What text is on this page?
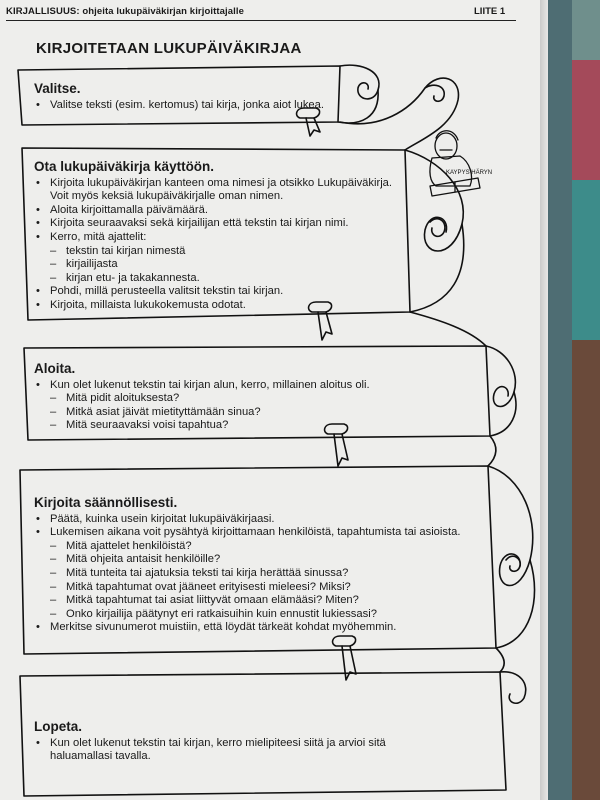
KIRJALLISUUS: ohjeita lukupäiväkirjan kirjoittajalle	LIITE 1
KIRJOITETAAN LUKUPÄIVÄKIRJAA
KAYPYS HÄRYN
Valitse.
• Valitse teksti (esim. kertomus) tai kirja, jonka aiot lukea.
Ota lukupäiväkirja käyttöön.
• Kirjoita lukupäiväkirjan kanteen oma nimesi ja otsikko Lukupäiväkirja.
Voit myös keksiä lukupäiväkirjalle oman nimen.
• Aloita kirjoittamalla päivämäärä.
• Kirjoita seuraavaksi sekä kirjailijan että tekstin tai kirjan nimi.
• Kerro, mitä ajattelit:
– tekstin tai kirjan nimestä
– kirjailijasta
– kirjan etu- ja takakannesta.
• Pohdi, millä perusteella valitsit tekstin tai kirjan.
• Kirjoita, millaista lukukokemusta odotat.
Aloita.
• Kun olet lukenut tekstin tai kirjan alun, kerro, millainen aloitus oli.
– Mitä pidit aloituksesta?
– Mitkä asiat jäivät mietityttämään sinua?
– Mitä seuraavaksi voisi tapahtua?
Kirjoita säännöllisesti.
• Päätä, kuinka usein kirjoitat lukupäiväkirjaasi.
• Lukemisen aikana voit pysähtyä kirjoittamaan henkilöistä, tapahtumista tai asioista.
– Mitä ajattelet henkilöistä?
– Mitä ohjeita antaisit henkilöille?
– Mitä tunteita tai ajatuksia teksti tai kirja herättää sinussa?
– Mitkä tapahtumat ovat jääneet erityisesti mieleesi? Miksi?
– Mitkä tapahtumat tai asiat liittyvät omaan elämääsi? Miten?
– Onko kirjailija päätynyt eri ratkaisuihin kuin ennustit lukiessasi?
• Merkitse sivunumerot muistiin, että löydät tärkeät kohdat myöhemmin.
Lopeta.
• Kun olet lukenut tekstin tai kirjan, kerro mielipiteesi siitä ja arvioi sitä
haluamallasi tavalla.
